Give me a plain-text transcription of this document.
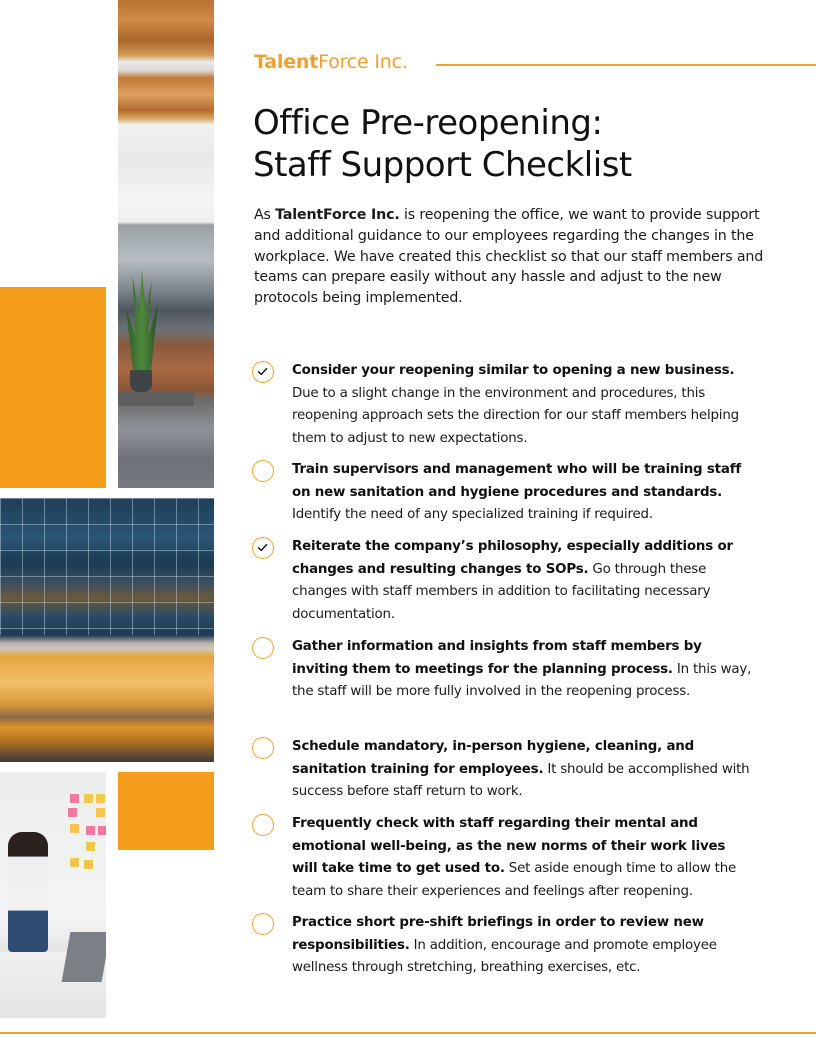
TalentForce Inc.
Office Pre-reopening:
Staff Support Checklist

As TalentForce Inc. is reopening the office, we want to provide support and additional guidance to our employees regarding the changes in the workplace. We have created this checklist so that our staff members and teams can prepare easily without any hassle and adjust to the new protocols being implemented.

Consider your reopening similar to opening a new business. Due to a slight change in the environment and procedures, this reopening approach sets the direction for our staff members helping them to adjust to new expectations.
Train supervisors and management who will be training staff on new sanitation and hygiene procedures and standards. Identify the need of any specialized training if required.
Reiterate the company’s philosophy, especially additions or changes and resulting changes to SOPs. Go through these changes with staff members in addition to facilitating necessary documentation.
Gather information and insights from staff members by inviting them to meetings for the planning process. In this way, the staff will be more fully involved in the reopening process.
Schedule mandatory, in-person hygiene, cleaning, and sanitation training for employees. It should be accomplished with success before staff return to work.
Frequently check with staff regarding their mental and emotional well-being, as the new norms of their work lives will take time to get used to. Set aside enough time to allow the team to share their experiences and feelings after reopening.
Practice short pre-shift briefings in order to review new responsibilities. In addition, encourage and promote employee wellness through stretching, breathing exercises, etc.
